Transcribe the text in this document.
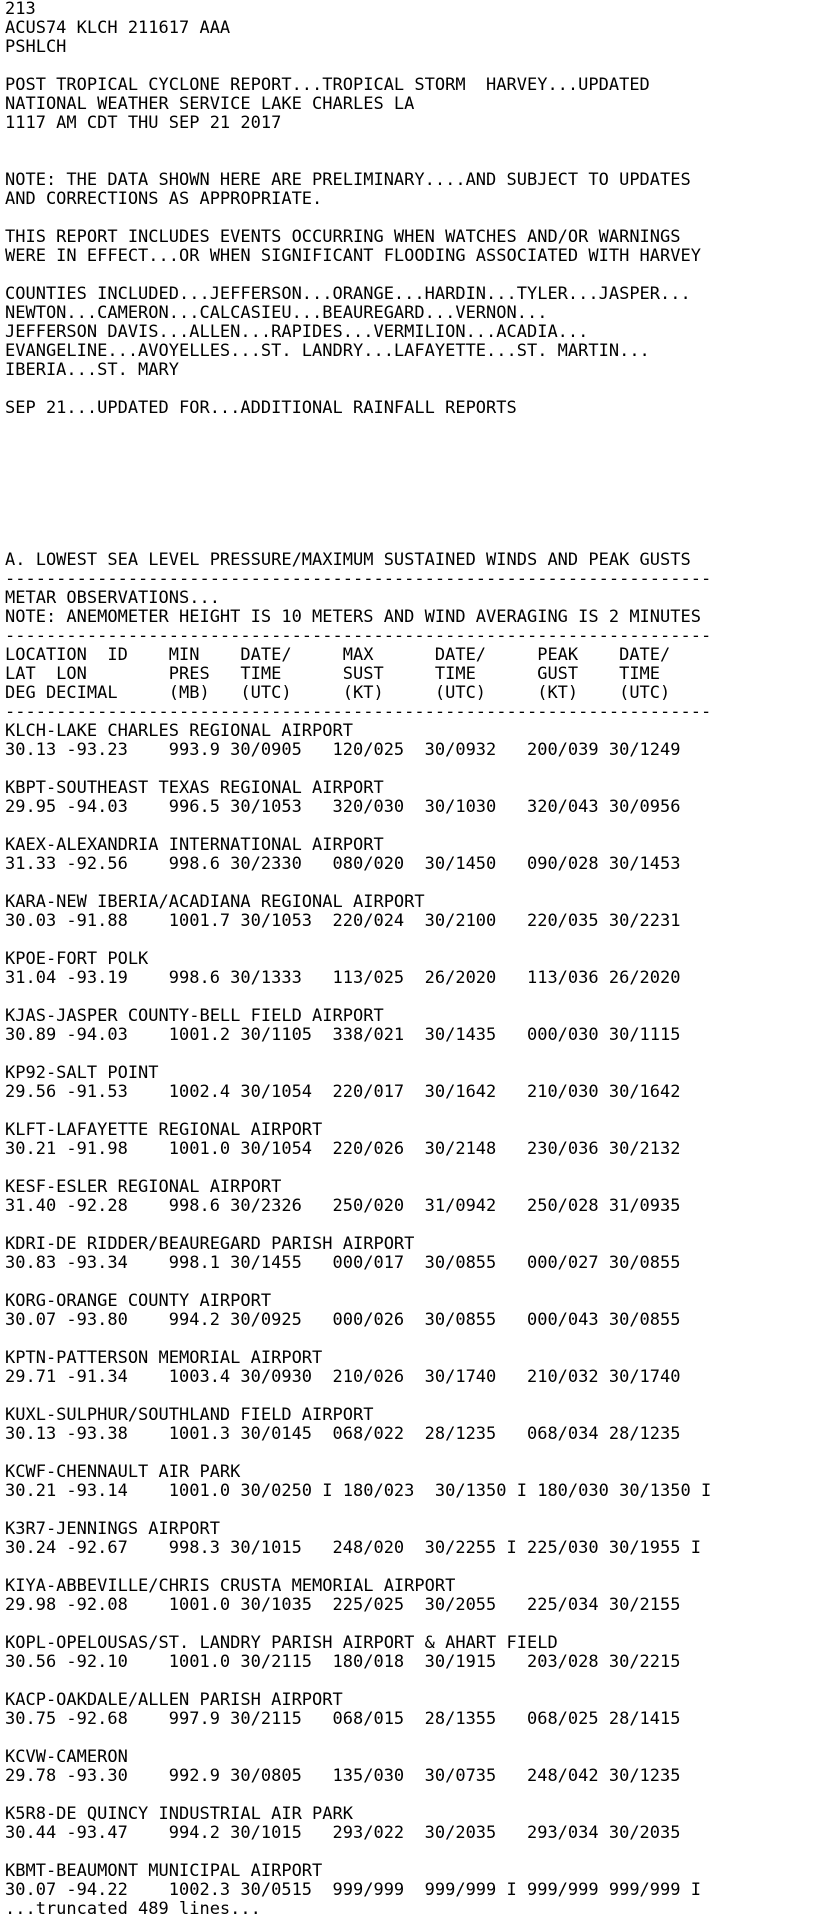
213
ACUS74 KLCH 211617 AAA
PSHLCH
POST TROPICAL CYCLONE REPORT...TROPICAL STORM  HARVEY...UPDATED
NATIONAL WEATHER SERVICE LAKE CHARLES LA
1117 AM CDT THU SEP 21 2017
NOTE: THE DATA SHOWN HERE ARE PRELIMINARY....AND SUBJECT TO UPDATES
AND CORRECTIONS AS APPROPRIATE.
THIS REPORT INCLUDES EVENTS OCCURRING WHEN WATCHES AND/OR WARNINGS
WERE IN EFFECT...OR WHEN SIGNIFICANT FLOODING ASSOCIATED WITH HARVEY
COUNTIES INCLUDED...JEFFERSON...ORANGE...HARDIN...TYLER...JASPER...
NEWTON...CAMERON...CALCASIEU...BEAUREGARD...VERNON...
JEFFERSON DAVIS...ALLEN...RAPIDES...VERMILION...ACADIA...
EVANGELINE...AVOYELLES...ST. LANDRY...LAFAYETTE...ST. MARTIN...
IBERIA...ST. MARY
SEP 21...UPDATED FOR...ADDITIONAL RAINFALL REPORTS
A. LOWEST SEA LEVEL PRESSURE/MAXIMUM SUSTAINED WINDS AND PEAK GUSTS
---------------------------------------------------------------------
METAR OBSERVATIONS...
NOTE: ANEMOMETER HEIGHT IS 10 METERS AND WIND AVERAGING IS 2 MINUTES
---------------------------------------------------------------------
LOCATION  ID    MIN    DATE/     MAX      DATE/     PEAK    DATE/
LAT  LON        PRES   TIME      SUST     TIME      GUST    TIME
DEG DECIMAL     (MB)   (UTC)     (KT)     (UTC)     (KT)    (UTC)
---------------------------------------------------------------------
KLCH-LAKE CHARLES REGIONAL AIRPORT
30.13 -93.23    993.9 30/0905   120/025  30/0932   200/039 30/1249
KBPT-SOUTHEAST TEXAS REGIONAL AIRPORT
29.95 -94.03    996.5 30/1053   320/030  30/1030   320/043 30/0956
KAEX-ALEXANDRIA INTERNATIONAL AIRPORT
31.33 -92.56    998.6 30/2330   080/020  30/1450   090/028 30/1453
KARA-NEW IBERIA/ACADIANA REGIONAL AIRPORT
30.03 -91.88    1001.7 30/1053  220/024  30/2100   220/035 30/2231
KPOE-FORT POLK
31.04 -93.19    998.6 30/1333   113/025  26/2020   113/036 26/2020
KJAS-JASPER COUNTY-BELL FIELD AIRPORT
30.89 -94.03    1001.2 30/1105  338/021  30/1435   000/030 30/1115
KP92-SALT POINT
29.56 -91.53    1002.4 30/1054  220/017  30/1642   210/030 30/1642
KLFT-LAFAYETTE REGIONAL AIRPORT
30.21 -91.98    1001.0 30/1054  220/026  30/2148   230/036 30/2132
KESF-ESLER REGIONAL AIRPORT
31.40 -92.28    998.6 30/2326   250/020  31/0942   250/028 31/0935
KDRI-DE RIDDER/BEAUREGARD PARISH AIRPORT
30.83 -93.34    998.1 30/1455   000/017  30/0855   000/027 30/0855
KORG-ORANGE COUNTY AIRPORT
30.07 -93.80    994.2 30/0925   000/026  30/0855   000/043 30/0855
KPTN-PATTERSON MEMORIAL AIRPORT
29.71 -91.34    1003.4 30/0930  210/026  30/1740   210/032 30/1740
KUXL-SULPHUR/SOUTHLAND FIELD AIRPORT
30.13 -93.38    1001.3 30/0145  068/022  28/1235   068/034 28/1235
KCWF-CHENNAULT AIR PARK
30.21 -93.14    1001.0 30/0250 I 180/023  30/1350 I 180/030 30/1350 I
K3R7-JENNINGS AIRPORT
30.24 -92.67    998.3 30/1015   248/020  30/2255 I 225/030 30/1955 I
KIYA-ABBEVILLE/CHRIS CRUSTA MEMORIAL AIRPORT
29.98 -92.08    1001.0 30/1035  225/025  30/2055   225/034 30/2155
KOPL-OPELOUSAS/ST. LANDRY PARISH AIRPORT & AHART FIELD
30.56 -92.10    1001.0 30/2115  180/018  30/1915   203/028 30/2215
KACP-OAKDALE/ALLEN PARISH AIRPORT
30.75 -92.68    997.9 30/2115   068/015  28/1355   068/025 28/1415
KCVW-CAMERON
29.78 -93.30    992.9 30/0805   135/030  30/0735   248/042 30/1235
K5R8-DE QUINCY INDUSTRIAL AIR PARK
30.44 -93.47    994.2 30/1015   293/022  30/2035   293/034 30/2035
KBMT-BEAUMONT MUNICIPAL AIRPORT
30.07 -94.22    1002.3 30/0515  999/999  999/999 I 999/999 999/999 I
...truncated 489 lines...
